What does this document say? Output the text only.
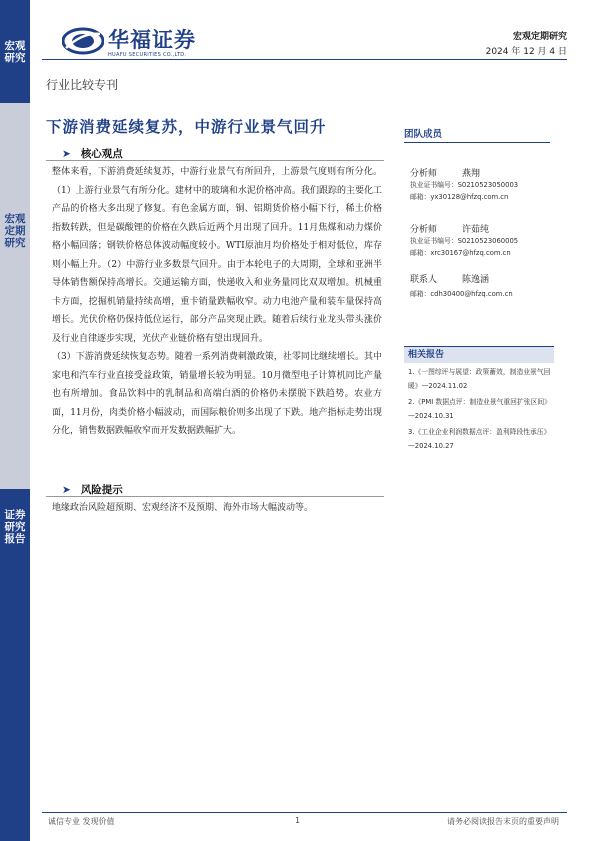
宏观研究
宏观定期研究
证券研究报告
华福证券
HUAFU SECURITIES CO.,LTD.
宏观定期研究
2024 年 12 月 4 日
行业比较专刊
下游消费延续复苏，中游行业景气回升
➤ 核心观点

整体来看，下游消费延续复苏，中游行业景气有所回升，上游景气度则有所分化。（1）上游行业景气有所分化。建材中的玻璃和水泥价格冲高。我们跟踪的主要化工产品的价格大多出现了修复。有色金属方面，铜、铝期货价格小幅下行，稀土价格指数转跌，但是碳酸锂的价格在久跌后近两个月出现了回升。11月焦煤和动力煤价格小幅回落；钢铁价格总体波动幅度较小。WTI原油月均价格处于相对低位，库存则小幅上升。（2）中游行业多数景气回升。由于本轮电子的大周期，全球和亚洲半导体销售额保持高增长。交通运输方面，快递收入和业务量同比双双增加。机械重卡方面，挖掘机销量持续高增，重卡销量跌幅收窄。动力电池产量和装车量保持高增长。光伏价格仍保持低位运行，部分产品突现止跌。随着后续行业龙头带头涨价及行业自律逐步实现，光伏产业链价格有望出现回升。

（3）下游消费延续恢复态势。随着一系列消费刺激政策，社零同比继续增长。其中家电和汽车行业直接受益政策，销量增长较为明显。10月微型电子计算机同比产量也有所增加。食品饮料中的乳制品和高端白酒的价格仍未摆脱下跌趋势。农业方面，11月份，肉类价格小幅波动，而国际粮价则多出现了下跌。地产指标走势出现分化，销售数据跌幅收窄而开发数据跌幅扩大。

➤ 风险提示
地缘政治风险超预期、宏观经济不及预期、海外市场大幅波动等。
团队成员
分析师	燕翔
执业证书编号：S0210523050003
邮箱：yx30128@hfzq.com.cn
分析师	许茹纯
执业证书编号：S0210523060005
邮箱：xrc30167@hfzq.com.cn
联系人	陈逸涵
邮箱：cdh30400@hfzq.com.cn
相关报告
1.《一图综评与展望：政策蓄效，制造业景气回暖》—2024.11.02
2.《PMI 数据点评：制造业景气重回扩张区间》—2024.10.31
3.《工业企业利润数据点评：盈利降段性承压》—2024.10.27
诚信专业 发现价值	1	请务必阅读报告末页的重要声明
